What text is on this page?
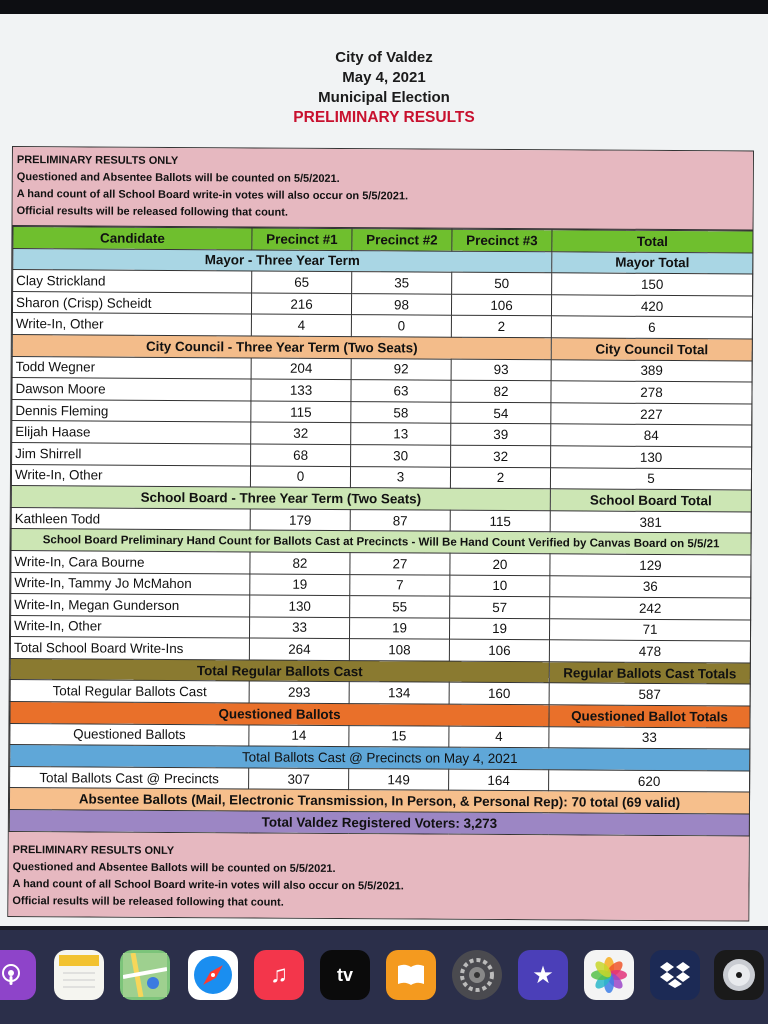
City of Valdez
May 4, 2021
Municipal Election
PRELIMINARY RESULTS
PRELIMINARY RESULTS ONLY
Questioned and Absentee Ballots will be counted on 5/5/2021.
A hand count of all School Board write-in votes will also occur on 5/5/2021.
Official results will be released following that count.
Candidate	Precinct #1	Precinct #2	Precinct #3	Total
Mayor - Three Year Term				Mayor Total
Clay Strickland	65	35	50	150
Sharon (Crisp) Scheidt	216	98	106	420
Write-In, Other	4	0	2	6
City Council - Three Year Term (Two Seats)				City Council Total
Todd Wegner	204	92	93	389
Dawson Moore	133	63	82	278
Dennis Fleming	115	58	54	227
Elijah Haase	32	13	39	84
Jim Shirrell	68	30	32	130
Write-In, Other	0	3	2	5
School Board - Three Year Term (Two Seats)				School Board Total
Kathleen Todd	179	87	115	381
School Board Preliminary Hand Count for Ballots Cast at Precincts - Will Be Hand Count Verified by Canvas Board on 5/5/21				
Write-In, Cara Bourne	82	27	20	129
Write-In, Tammy Jo McMahon	19	7	10	36
Write-In, Megan Gunderson	130	55	57	242
Write-In, Other	33	19	19	71
Total School Board Write-Ins	264	108	106	478
Total Regular Ballots Cast				Regular Ballots Cast Totals
Total Regular Ballots Cast	293	134	160	587
Questioned Ballots				Questioned Ballot Totals
Questioned Ballots	14	15	4	33
Total Ballots Cast @ Precincts on May 4, 2021				
Total Ballots Cast @ Precincts	307	149	164	620
Absentee Ballots (Mail, Electronic Transmission, In Person, & Personal Rep): 70 total (69 valid)				
Total Valdez Registered Voters: 3,273				
PRELIMINARY RESULTS ONLY
Questioned and Absentee Ballots will be counted on 5/5/2021.
A hand count of all School Board write-in votes will also occur on 5/5/2021.
Official results will be released following that count.
♫	tv	★
